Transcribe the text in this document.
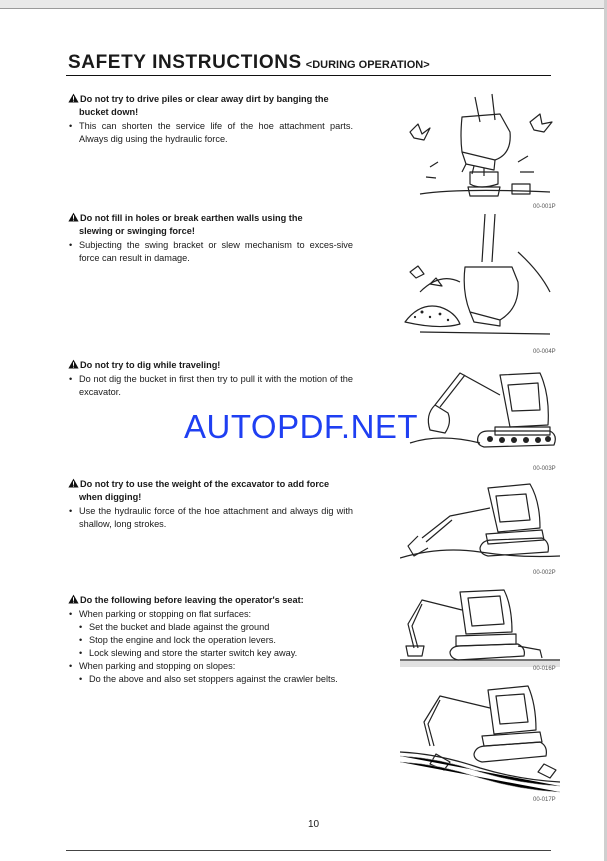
SAFETY INSTRUCTIONS <DURING OPERATION>
Do not try to drive piles or clear away dirt by banging the
bucket down!
• This can shorten the service life of the hoe attachment parts. Always dig using the hydraulic force.
00-001P
Do not fill in holes or break earthen walls using the
slewing or swinging force!
• Subjecting the swing bracket or slew mechanism to exces-sive force can result in damage.
00-004P
Do not try to dig while traveling!
• Do not dig the bucket in first then try to pull it with the motion of the excavator.
00-003P
Do not try to use the weight of the excavator to add force
when digging!
• Use the hydraulic force of the hoe attachment and always dig with shallow, long strokes.
00-002P
Do the following before leaving the operator's seat:
• When parking or stopping on flat surfaces:
• Set the bucket and blade against the ground
• Stop the engine and lock the operation levers.
• Lock slewing and store the starter switch key away.
• When parking and stopping on slopes:
• Do the above and also set stoppers against the crawler belts.
00-016P
00-017P
AUTOPDF.NET
10
